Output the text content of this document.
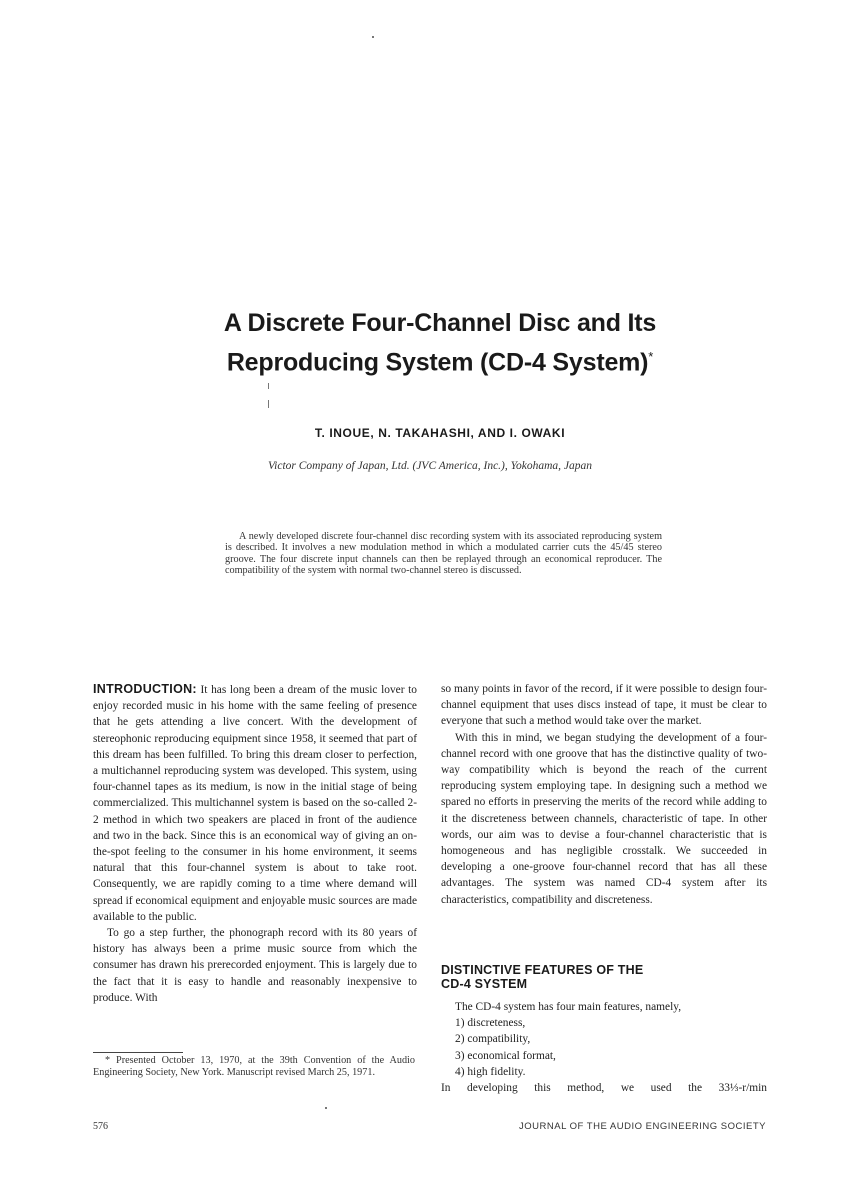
A Discrete Four-Channel Disc and Its
Reproducing System (CD-4 System)*
T. INOUE, N. TAKAHASHI, AND I. OWAKI
Victor Company of Japan, Ltd. (JVC America, Inc.), Yokohama, Japan
A newly developed discrete four-channel disc recording system with its associated reproducing system is described. It involves a new modulation method in which a modulated carrier cuts the 45/45 stereo groove. The four discrete input channels can then be replayed through an economical reproducer. The compatibility of the system with normal two-channel stereo is discussed.

INTRODUCTION: It has long been a dream of the music lover to enjoy recorded music in his home with the same feeling of presence that he gets attending a live concert. With the development of stereophonic reproducing equipment since 1958, it seemed that part of this dream has been fulfilled. To bring this dream closer to perfection, a multichannel reproducing system was developed. This system, using four-channel tapes as its medium, is now in the initial stage of being commercialized. This multichannel system is based on the so-called 2-2 method in which two speakers are placed in front of the audience and two in the back. Since this is an economical way of giving an on-the-spot feeling to the consumer in his home environment, it seems natural that this four-channel system is about to take root. Consequently, we are rapidly coming to a time where demand will spread if economical equipment and enjoyable music sources are made available to the public.

To go a step further, the phonograph record with its 80 years of history has always been a prime music source from which the consumer has drawn his prerecorded enjoyment. This is largely due to the fact that it is easy to handle and reasonably inexpensive to produce. With

so many points in favor of the record, if it were possible to design four-channel equipment that uses discs instead of tape, it must be clear to everyone that such a method would take over the market.

With this in mind, we began studying the development of a four-channel record with one groove that has the distinctive quality of two-way compatibility which is beyond the reach of the current reproducing system employing tape. In designing such a method we spared no efforts in preserving the merits of the record while adding to it the discreteness between channels, characteristic of tape. In other words, our aim was to devise a four-channel characteristic that is homogeneous and has negligible crosstalk. We succeeded in developing a one-groove four-channel record that has all these advantages. The system was named CD-4 system after its characteristics, compatibility and discreteness.

DISTINCTIVE FEATURES OF THE
CD-4 SYSTEM
The CD-4 system has four main features, namely,
1) discreteness,
2) compatibility,
3) economical format,
4) high fidelity.
In developing this method, we used the 33⅓-r/min
* Presented October 13, 1970, at the 39th Convention of the Audio Engineering Society, New York. Manuscript revised March 25, 1971.
576	JOURNAL OF THE AUDIO ENGINEERING SOCIETY
